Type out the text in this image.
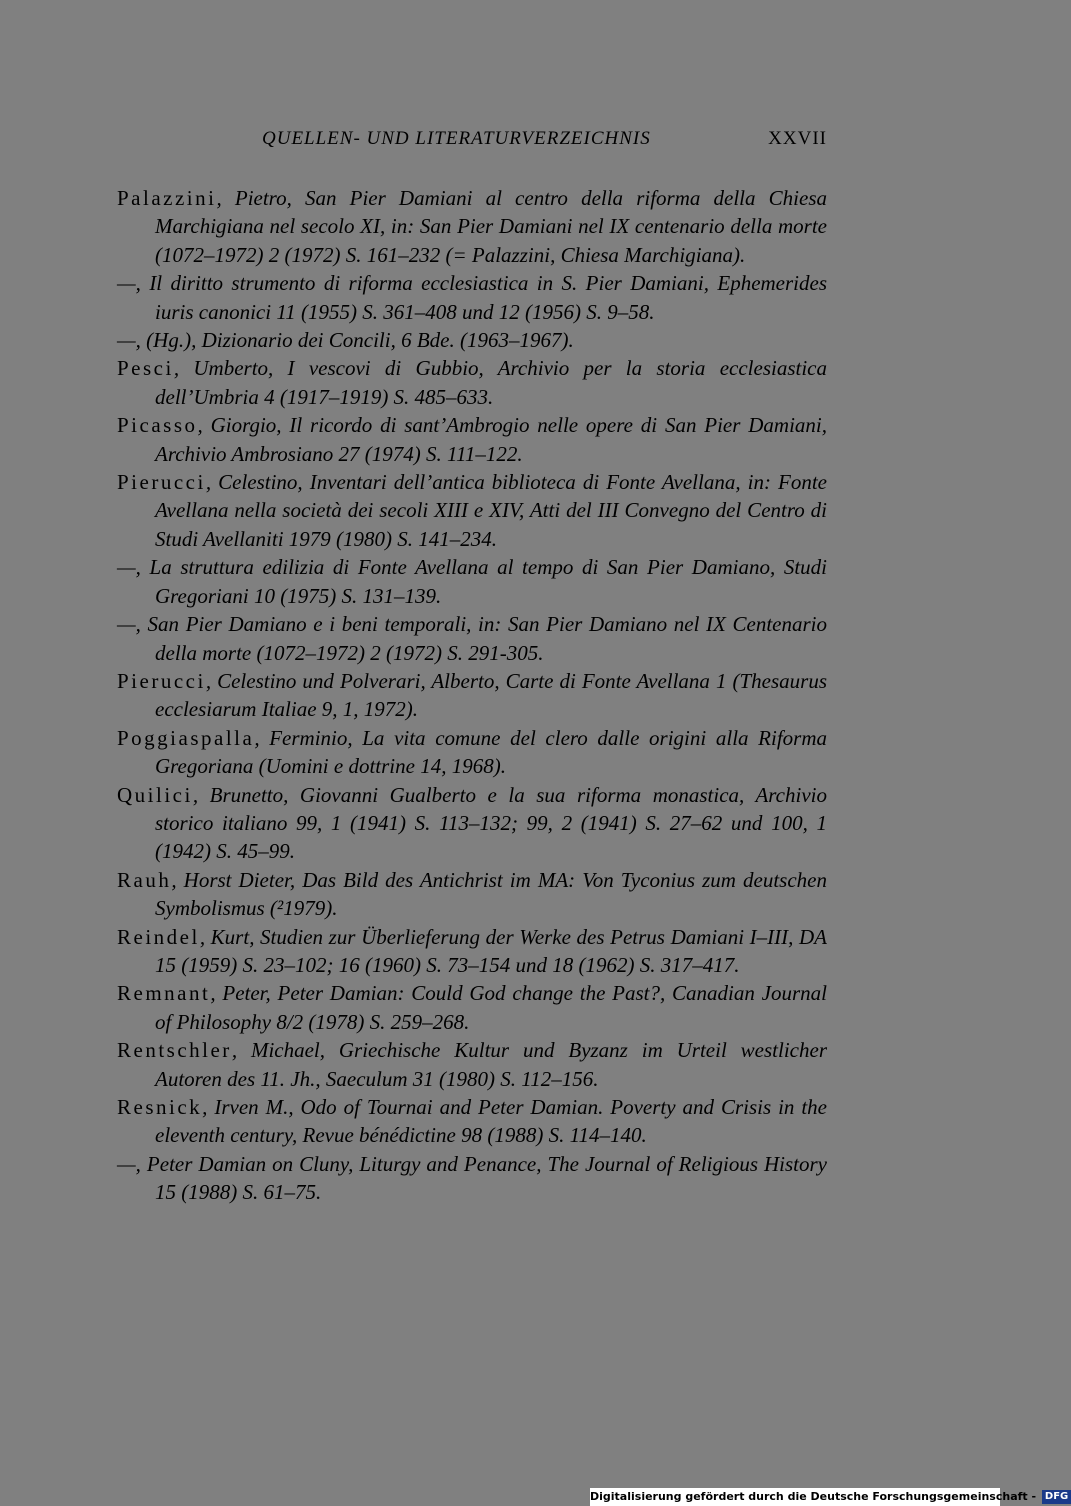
QUELLEN- UND LITERATURVERZEICHNIS	XXVII

Palazzini, Pietro, San Pier Damiani al centro della riforma della Chiesa Marchigiana nel secolo XI, in: San Pier Damiani nel IX centenario della morte (1072–1972) 2 (1972) S. 161–232 (= Palazzini, Chiesa Marchigiana).

—, Il diritto strumento di riforma ecclesiastica in S. Pier Damiani, Ephemerides iuris canonici 11 (1955) S. 361–408 und 12 (1956) S. 9–58.

—, (Hg.), Dizionario dei Concili, 6 Bde. (1963–1967).

Pesci, Umberto, I vescovi di Gubbio, Archivio per la storia ecclesiastica dell’Umbria 4 (1917–1919) S. 485–633.

Picasso, Giorgio, Il ricordo di sant’Ambrogio nelle opere di San Pier Damiani, Archivio Ambrosiano 27 (1974) S. 111–122.

Pierucci, Celestino, Inventari dell’antica biblioteca di Fonte Avellana, in: Fonte Avellana nella società dei secoli XIII e XIV, Atti del III Convegno del Centro di Studi Avellaniti 1979 (1980) S. 141–234.

—, La struttura edilizia di Fonte Avellana al tempo di San Pier Damiano, Studi Gregoriani 10 (1975) S. 131–139.

—, San Pier Damiano e i beni temporali, in: San Pier Damiano nel IX Centenario della morte (1072–1972) 2 (1972) S. 291-305.

Pierucci, Celestino und Polverari, Alberto, Carte di Fonte Avellana 1 (Thesaurus ecclesiarum Italiae 9, 1, 1972).

Poggiaspalla, Ferminio, La vita comune del clero dalle origini alla Riforma Gregoriana (Uomini e dottrine 14, 1968).

Quilici, Brunetto, Giovanni Gualberto e la sua riforma monastica, Archivio storico italiano 99, 1 (1941) S. 113–132; 99, 2 (1941) S. 27–62 und 100, 1 (1942) S. 45–99.

Rauh, Horst Dieter, Das Bild des Antichrist im MA: Von Tyconius zum deutschen Symbolismus (²1979).

Reindel, Kurt, Studien zur Überlieferung der Werke des Petrus Damiani I–III, DA 15 (1959) S. 23–102; 16 (1960) S. 73–154 und 18 (1962) S. 317–417.

Remnant, Peter, Peter Damian: Could God change the Past?, Canadian Journal of Philosophy 8/2 (1978) S. 259–268.

Rentschler, Michael, Griechische Kultur und Byzanz im Urteil westlicher Autoren des 11. Jh., Saeculum 31 (1980) S. 112–156.

Resnick, Irven M., Odo of Tournai and Peter Damian. Poverty and Crisis in the eleventh century, Revue bénédictine 98 (1988) S. 114–140.

—, Peter Damian on Cluny, Liturgy and Penance, The Journal of Religious History 15 (1988) S. 61–75.

Digitalisierung gefördert durch die Deutsche Forschungsgemeinschaft - DFG
